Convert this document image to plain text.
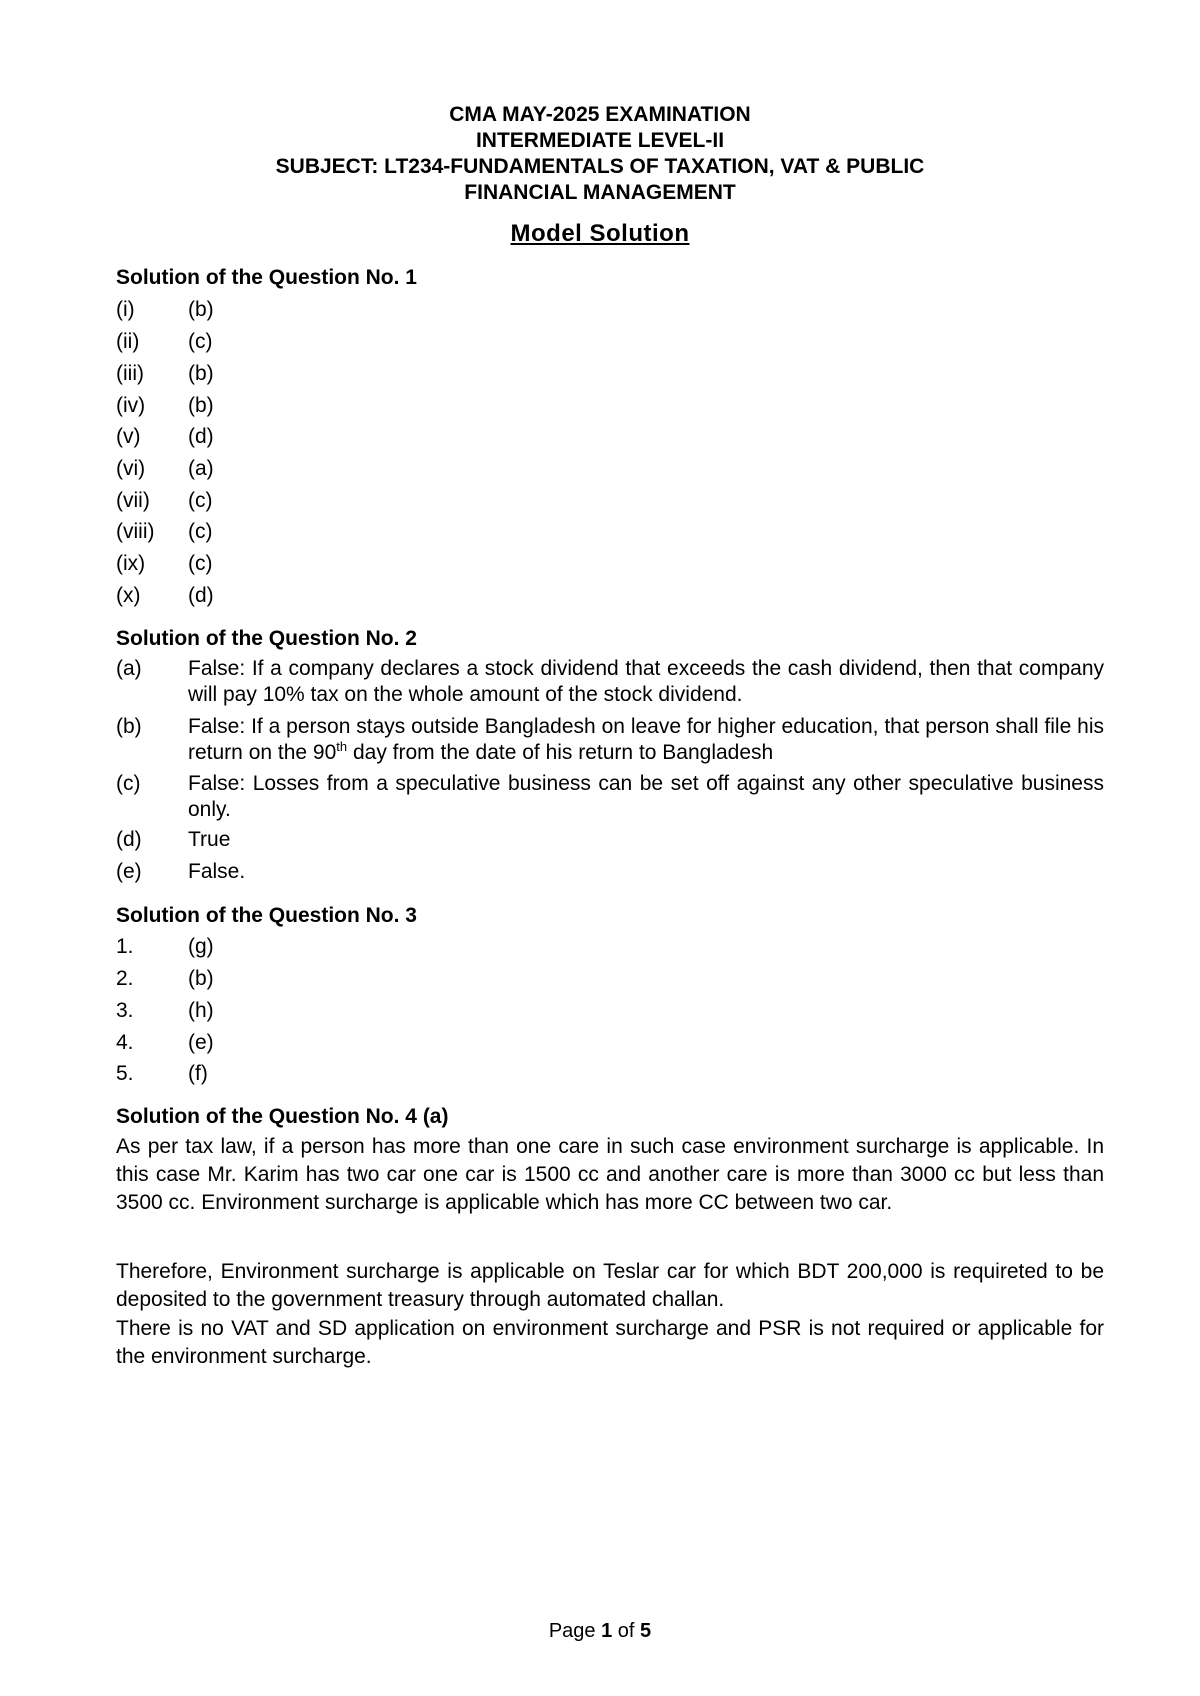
CMA MAY-2025 EXAMINATION
INTERMEDIATE LEVEL-II
SUBJECT: LT234-FUNDAMENTALS OF TAXATION, VAT & PUBLIC
FINANCIAL MANAGEMENT
Model Solution
Solution of the Question No. 1
(i)	(b)
(ii)	(c)
(iii)	(b)
(iv)	(b)
(v)	(d)
(vi)	(a)
(vii)	(c)
(viii)	(c)
(ix)	(c)
(x)	(d)
Solution of the Question No. 2
(a) False: If a company declares a stock dividend that exceeds the cash dividend, then that company will pay 10% tax on the whole amount of the stock dividend.
(b) False: If a person stays outside Bangladesh on leave for higher education, that person shall file his return on the 90th day from the date of his return to Bangladesh
(c) False: Losses from a speculative business can be set off against any other speculative business only.
(d) True
(e) False.
Solution of the Question No. 3
1.	(g)
2.	(b)
3.	(h)
4.	(e)
5.	(f)
Solution of the Question No. 4 (a)
As per tax law, if a person has more than one care in such case environment surcharge is applicable. In this case Mr. Karim has two car one car is 1500 cc and another care is more than 3000 cc but less than 3500 cc. Environment surcharge is applicable which has more CC between two car.
Therefore, Environment surcharge is applicable on Teslar car for which BDT 200,000 is requireted to be deposited to the government treasury through automated challan.
There is no VAT and SD application on environment surcharge and PSR is not required or applicable for the environment surcharge.
Page 1 of 5
